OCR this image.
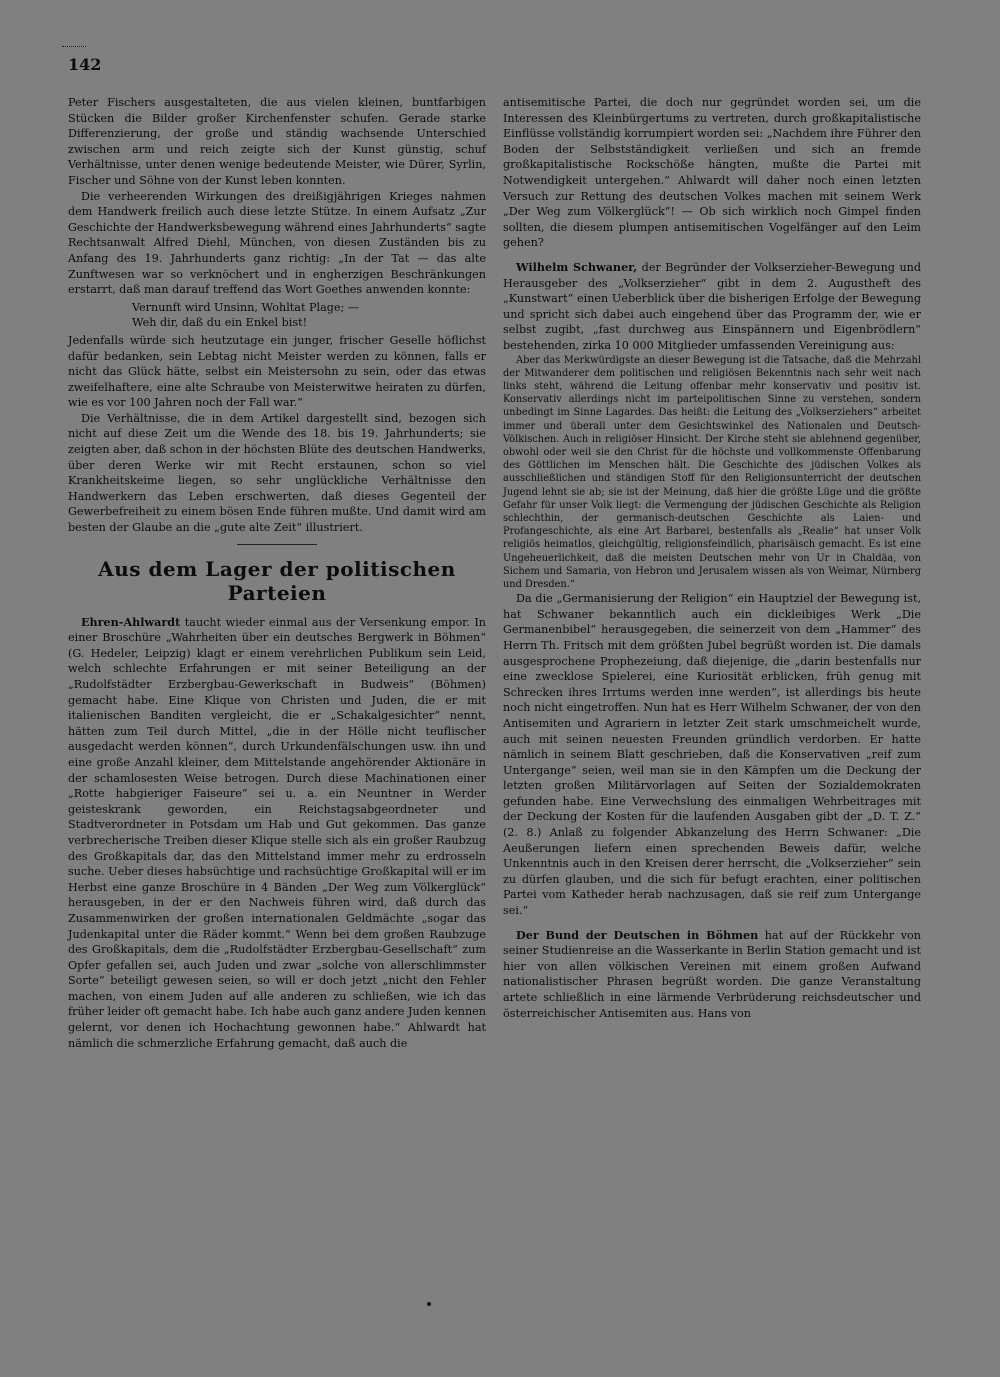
142

Peter Fischers ausgestalteten, die aus vielen kleinen, buntfarbigen Stücken die Bilder großer Kirchenfenster schufen. Gerade starke Differenzierung, der große und ständig wachsende Unterschied zwischen arm und reich zeigte sich der Kunst günstig, schuf Verhältnisse, unter denen wenige bedeutende Meister, wie Dürer, Syrlin, Fischer und Söhne von der Kunst leben konnten.

Die verheerenden Wirkungen des dreißigjährigen Krieges nahmen dem Handwerk freilich auch diese letzte Stütze. In einem Aufsatz „Zur Geschichte der Handwerksbewegung während eines Jahrhunderts“ sagte Rechtsanwalt Alfred Diehl, München, von diesen Zuständen bis zu Anfang des 19. Jahrhunderts ganz richtig: „In der Tat — das alte Zunftwesen war so verknöchert und in engherzigen Beschränkungen erstarrt, daß man darauf treffend das Wort Goethes anwenden konnte:

Vernunft wird Unsinn, Wohltat Plage; —
Weh dir, daß du ein Enkel bist!

Jedenfalls würde sich heutzutage ein junger, frischer Geselle höflichst dafür bedanken, sein Lebtag nicht Meister werden zu können, falls er nicht das Glück hätte, selbst ein Meistersohn zu sein, oder das etwas zweifelhaftere, eine alte Schraube von Meisterwitwe heiraten zu dürfen, wie es vor 100 Jahren noch der Fall war.“

Die Verhältnisse, die in dem Artikel dargestellt sind, bezogen sich nicht auf diese Zeit um die Wende des 18. bis 19. Jahrhunderts; sie zeigten aber, daß schon in der höchsten Blüte des deutschen Handwerks, über deren Werke wir mit Recht erstaunen, schon so viel Krankheitskeime liegen, so sehr unglückliche Verhältnisse den Handwerkern das Leben erschwerten, daß dieses Gegenteil der Gewerbefreiheit zu einem bösen Ende führen mußte. Und damit wird am besten der Glaube an die „gute alte Zeit“ illustriert.

Aus dem Lager der politischen Parteien

Ehren-Ahlwardt taucht wieder einmal aus der Versenkung empor. In einer Broschüre „Wahrheiten über ein deutsches Bergwerk in Böhmen“ (G. Hedeler, Leipzig) klagt er einem verehrlichen Publikum sein Leid, welch schlechte Erfahrungen er mit seiner Beteiligung an der „Rudolfstädter Erzbergbau-Gewerkschaft in Budweis“ (Böhmen) gemacht habe. Eine Klique von Christen und Juden, die er mit italienischen Banditen vergleicht, die er „Schakalgesichter“ nennt, hätten zum Teil durch Mittel, „die in der Hölle nicht teuflischer ausgedacht werden können“, durch Urkundenfälschungen usw. ihn und eine große Anzahl kleiner, dem Mittelstande angehörender Aktionäre in der schamlosesten Weise betrogen. Durch diese Machinationen einer „Rotte habgieriger Faiseure“ sei u. a. ein Neuntner in Werder geisteskrank geworden, ein Reichstagsabgeordneter und Stadtverordneter in Potsdam um Hab und Gut gekommen. Das ganze verbrecherische Treiben dieser Klique stelle sich als ein großer Raubzug des Großkapitals dar, das den Mittelstand immer mehr zu erdrosseln suche. Ueber dieses habsüchtige und rachsüchtige Großkapital will er im Herbst eine ganze Broschüre in 4 Bänden „Der Weg zum Völkerglück“ herausgeben, in der er den Nachweis führen wird, daß durch das Zusammenwirken der großen internationalen Geldmächte „sogar das Judenkapital unter die Räder kommt.“ Wenn bei dem großen Raubzuge des Großkapitals, dem die „Rudolfstädter Erzbergbau-Gesellschaft“ zum Opfer gefallen sei, auch Juden und zwar „solche von allerschlimmster Sorte“ beteiligt gewesen seien, so will er doch jetzt „nicht den Fehler machen, von einem Juden auf alle anderen zu schließen, wie ich das früher leider oft gemacht habe. Ich habe auch ganz andere Juden kennen gelernt, vor denen ich Hochachtung gewonnen habe.“ Ahlwardt hat nämlich die schmerzliche Erfahrung gemacht, daß auch die

antisemitische Partei, die doch nur gegründet worden sei, um die Interessen des Kleinbürgertums zu vertreten, durch großkapitalistische Einflüsse vollständig korrumpiert worden sei: „Nachdem ihre Führer den Boden der Selbstständigkeit verließen und sich an fremde großkapitalistische Rockschöße hängten, mußte die Partei mit Notwendigkeit untergehen.“ Ahlwardt will daher noch einen letzten Versuch zur Rettung des deutschen Volkes machen mit seinem Werk „Der Weg zum Völkerglück“! — Ob sich wirklich noch Gimpel finden sollten, die diesem plumpen antisemitischen Vogelfänger auf den Leim gehen?

Wilhelm Schwaner, der Begründer der Volkserzieher-Bewegung und Herausgeber des „Volkserzieher“ gibt in dem 2. Augustheft des „Kunstwart“ einen Ueberblick über die bisherigen Erfolge der Bewegung und spricht sich dabei auch eingehend über das Programm der, wie er selbst zugibt, „fast durchweg aus Einspännern und Eigenbrödlern“ bestehenden, zirka 10 000 Mitglieder umfassenden Vereinigung aus:

Aber das Merkwürdigste an dieser Bewegung ist die Tatsache, daß die Mehrzahl der Mitwanderer dem politischen und religiösen Bekenntnis nach sehr weit nach links steht, während die Leitung offenbar mehr konservativ und positiv ist. Konservativ allerdings nicht im parteipolitischen Sinne zu verstehen, sondern unbedingt im Sinne Lagardes. Das heißt: die Leitung des „Volkserziehers“ arbeitet immer und überall unter dem Gesichtswinkel des Nationalen und Deutsch-Völkischen. Auch in religiöser Hinsicht. Der Kirche steht sie ablehnend gegenüber, obwohl oder weil sie den Christ für die höchste und vollkommenste Offenbarung des Göttlichen im Menschen hält. Die Geschichte des jüdischen Volkes als ausschließlichen und ständigen Stoff für den Religionsunterricht der deutschen Jugend lehnt sie ab; sie ist der Meinung, daß hier die größte Lüge und die größte Gefahr für unser Volk liegt: die Vermengung der jüdischen Geschichte als Religion schlechthin, der germanisch-deutschen Geschichte als Laien- und Profangeschichte, als eine Art Barbarei, bestenfalls als „Realie“ hat unser Volk religiös heimatlos, gleichgültig, religionsfeindlich, pharisäisch gemacht. Es ist eine Ungeheuerlichkeit, daß die meisten Deutschen mehr von Ur in Chaldäa, von Sichem und Samaria, von Hebron und Jerusalem wissen als von Weimar, Nürnberg und Dresden.“

Da die „Germanisierung der Religion“ ein Hauptziel der Bewegung ist, hat Schwaner bekanntlich auch ein dickleibiges Werk „Die Germanenbibel“ herausgegeben, die seinerzeit von dem „Hammer“ des Herrn Th. Fritsch mit dem größten Jubel begrüßt worden ist. Die damals ausgesprochene Prophezeiung, daß diejenige, die „darin bestenfalls nur eine zwecklose Spielerei, eine Kuriosität erblicken, früh genug mit Schrecken ihres Irrtums werden inne werden“, ist allerdings bis heute noch nicht eingetroffen. Nun hat es Herr Wilhelm Schwaner, der von den Antisemiten und Agrariern in letzter Zeit stark umschmeichelt wurde, auch mit seinen neuesten Freunden gründlich verdorben. Er hatte nämlich in seinem Blatt geschrieben, daß die Konservativen „reif zum Untergange“ seien, weil man sie in den Kämpfen um die Deckung der letzten großen Militärvorlagen auf Seiten der Sozialdemokraten gefunden habe. Eine Verwechslung des einmaligen Wehrbeitrages mit der Deckung der Kosten für die laufenden Ausgaben gibt der „D. T. Z.“ (2. 8.) Anlaß zu folgender Abkanzelung des Herrn Schwaner: „Die Aeußerungen liefern einen sprechenden Beweis dafür, welche Unkenntnis auch in den Kreisen derer herrscht, die „Volkserzieher“ sein zu dürfen glauben, und die sich für befugt erachten, einer politischen Partei vom Katheder herab nachzusagen, daß sie reif zum Untergange sei.“

Der Bund der Deutschen in Böhmen hat auf der Rückkehr von seiner Studienreise an die Wasserkante in Berlin Station gemacht und ist hier von allen völkischen Vereinen mit einem großen Aufwand nationalistischer Phrasen begrüßt worden. Die ganze Veranstaltung artete schließlich in eine lärmende Verbrüderung reichsdeutscher und österreichischer Antisemiten aus. Hans von
